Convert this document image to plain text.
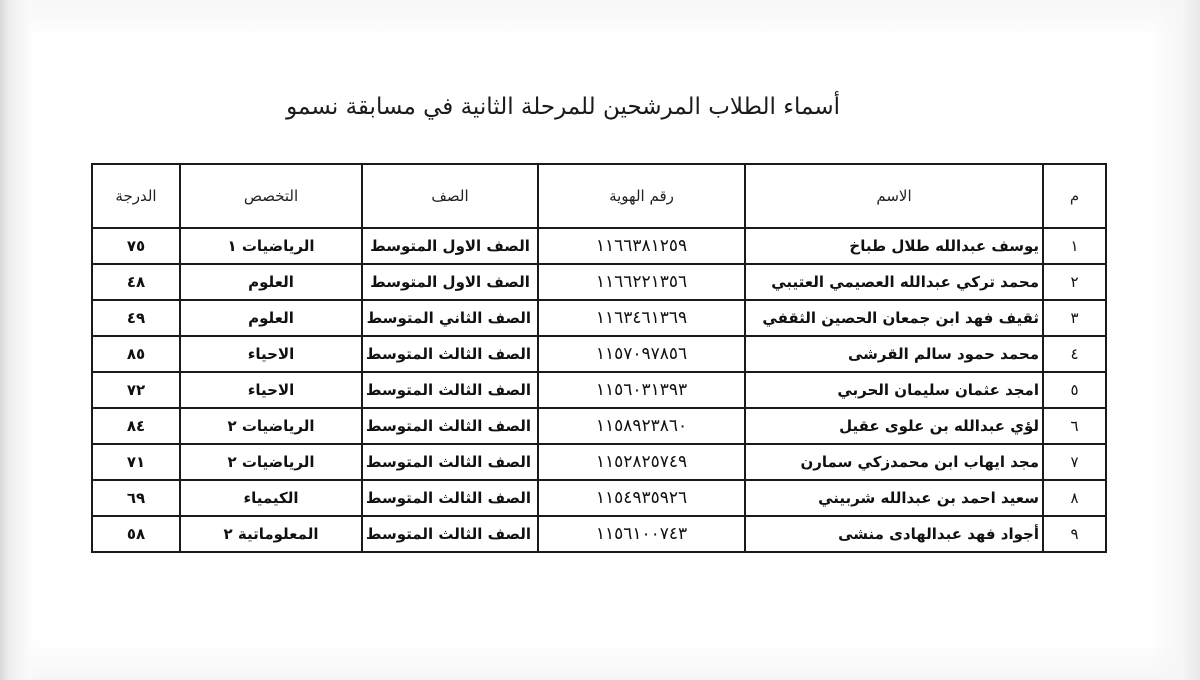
أسماء الطلاب المرشحين للمرحلة الثانية في مسابقة نسمو
م	الاسم	رقم الهوية	الصف	التخصص	الدرجة
١	يوسف عبدالله طلال طباخ	١١٦٦٣٨١٢٥٩	الصف الاول المتوسط	الرياضيات ١	٧٥
٢	محمد تركي عبدالله العصيمي العتيبي	١١٦٦٢٢١٣٥٦	الصف الاول المتوسط	العلوم	٤٨
٣	ثقيف فهد ابن جمعان الحصين الثقفي	١١٦٣٤٦١٣٦٩	الصف الثاني المتوسط	العلوم	٤٩
٤	محمد حمود سالم القرشى	١١٥٧٠٩٧٨٥٦	الصف الثالث المتوسط	الاحياء	٨٥
٥	امجد عثمان سليمان الحربي	١١٥٦٠٣١٣٩٣	الصف الثالث المتوسط	الاحياء	٧٢
٦	لؤي عبدالله بن علوى عقيل	١١٥٨٩٢٣٨٦٠	الصف الثالث المتوسط	الرياضيات ٢	٨٤
٧	مجد ايهاب ابن محمدزكي سمارن	١١٥٢٨٢٥٧٤٩	الصف الثالث المتوسط	الرياضيات ٢	٧١
٨	سعيد احمد بن عبدالله شربيني	١١٥٤٩٣٥٩٢٦	الصف الثالث المتوسط	الكيمياء	٦٩
٩	أجواد فهد عبدالهادى منشى	١١٥٦١٠٠٧٤٣	الصف الثالث المتوسط	المعلوماتية ٢	٥٨
